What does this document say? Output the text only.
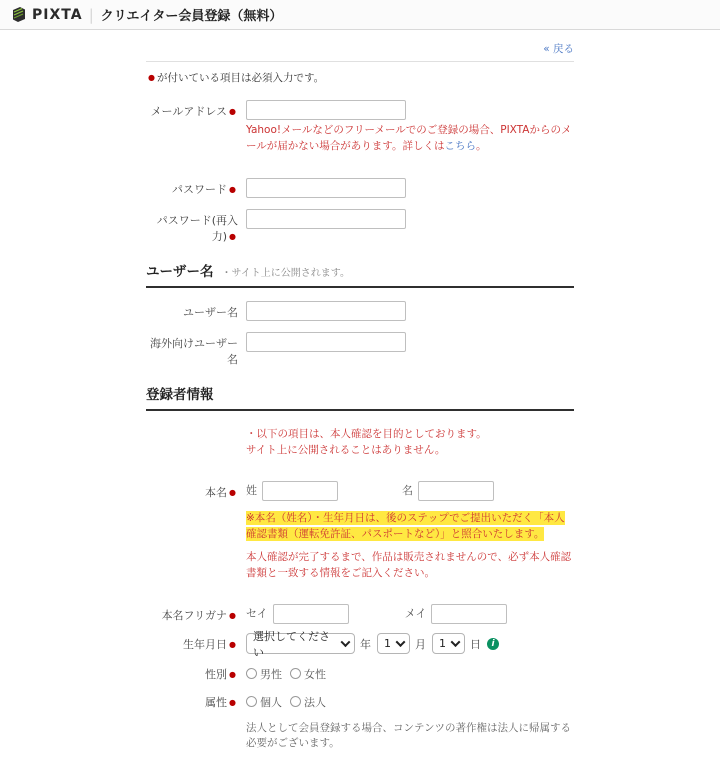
PIXTA | クリエイター会員登録（無料）
« 戻る
● が付いている項目は必須入力です。
メールアドレス ●
Yahoo!メールなどのフリーメールでのご登録の場合、PIXTAからのメールが届かない場合があります。詳しくはこちら。
パスワード ●
パスワード(再入力) ●
ユーザー名 ・サイト上に公開されます。
ユーザー名
海外向けユーザー名
登録者情報
・以下の項目は、本人確認を目的としております。
サイト上に公開されることはありません。
本名 ● 姓	名
※本名（姓名）・生年月日は、後のステップでご提出いただく「本人確認書類（運転免許証、パスポートなど）」と照合いたします。
本人確認が完了するまで、作品は販売されませんので、必ず本人確認書類と一致する情報をご記入ください。
本名フリガナ ● セイ	メイ
生年月日 ●
選択してください
年 1 月 1 日 i
性別 ●	男性 女性
属性 ●	個人 法人
法人として会員登録する場合、コンテンツの著作権は法人に帰属する必要がございます。
